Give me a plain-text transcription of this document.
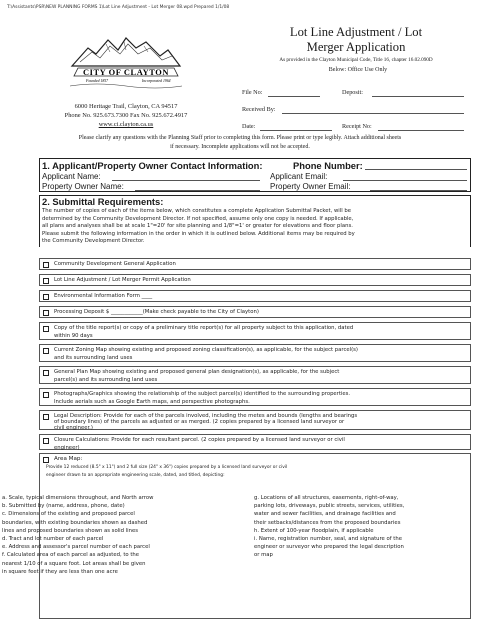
T:\Assistants\PSR\NEW PLANNING FORMS 1\Lot Line Adjustment - Lot Merger 08.wpd Prepared 1/1/08
CITY OF CLAYTON
Founded 1857	Incorporated 1964
6000 Heritage Trail, Clayton, CA 94517
Phone No. 925.673.7300 Fax No. 925.672.4917
www.ci.clayton.ca.us
Lot Line Adjustment / Lot
Merger Application
As provided in the Clayton Municipal Code, Title 16, chapter 16.02.090D
Below: Office Use Only
File No:	Deposit:
Received By:
Date:	Receipt No:
Please clarify any questions with the Planning Staff prior to completing this form. Please print or type legibly. Attach additional sheets
if necessary. Incomplete applications will not be accepted.
1. Applicant/Property Owner Contact Information:	Phone Number:
Applicant Name:	Applicant Email:
Property Owner Name:	Property Owner Email:
2. Submittal Requirements:
The number of copies of each of the items below, which constitutes a complete Application Submittal Packet, will be
determined by the Community Development Director. If not specified, assume only one copy is needed. If applicable,
all plans and analyses shall be at scale 1"=20' for site planning and 1/8"=1' or greater for elevations and floor plans.
Please submit the following information in the order in which it is outlined below. Additional items may be required by
the Community Development Director.
Community Development General Application
Lot Line Adjustment / Lot Merger Permit Application
Environmental Information Form ____
Processing Deposit $ ____________(Make check payable to the City of Clayton)
Copy of the title report(s) or copy of a preliminary title report(s) for all property subject to this application, dated
within 90 days
Current Zoning Map showing existing and proposed zoning classification(s), as applicable, for the subject parcel(s)
and its surrounding land uses
General Plan Map showing existing and proposed general plan designation(s), as applicable, for the subject
parcel(s) and its surrounding land uses
Photographs/Graphics showing the relationship of the subject parcel(s) identified to the surrounding properties.
Include aerials such as Google Earth maps, and perspective photographs.
Legal Description: Provide for each of the parcels involved, including the metes and bounds (lengths and bearings
of boundary lines) of the parcels as adjusted or as merged. (2 copies prepared by a licensed land surveyor or
civil engineer.)
Closure Calculations: Provide for each resultant parcel. (2 copies prepared by a licensed land surveyor or civil
engineer)
Area Map:
Provide 12 reduced (8.5" x 11") and 2 full size (24" x 36") copies prepared by a licensed land surveyor or civil
engineer drawn to an appropriate engineering scale, dated, and titled, depicting:
a. Scale, typical dimensions throughout, and North arrow
b. Submitted by (name, address, phone, date)
c. Dimensions of the existing and proposed parcel
boundaries, with existing boundaries shown as dashed
lines and proposed boundaries shown as solid lines
d. Tract and lot number of each parcel
e. Address and assessor's parcel number of each parcel
f. Calculated area of each parcel as adjusted, to the
nearest 1/10 of a square foot. Lot areas shall be given
in square feet if they are less than one acre
g. Locations of all structures, easements, right-of-way,
parking lots, driveways, public streets, services, utilities,
water and sewer facilities, and drainage facilities and
their setbacks/distances from the proposed boundaries
h. Extent of 100-year floodplain, if applicable
i. Name, registration number, seal, and signature of the
engineer or surveyor who prepared the legal description
or map
